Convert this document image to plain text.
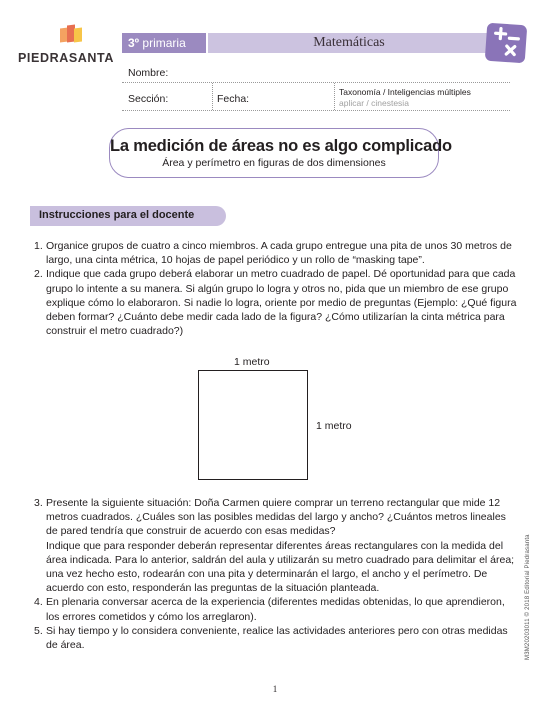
PIEDRASANTA
3º primaria	Matemáticas
Nombre:
Sección:	Fecha:
Taxonomía / Inteligencias múltiples
aplicar / cinestesia
La medición de áreas no es algo complicado
Área y perímetro en figuras de dos dimensiones
Instrucciones para el docente
1. Organice grupos de cuatro a cinco miembros. A cada grupo entregue una pita de unos 30 metros de largo, una cinta métrica, 10 hojas de papel periódico y un rollo de “masking tape”.
2. Indique que cada grupo deberá elaborar un metro cuadrado de papel. Dé oportunidad para que cada grupo lo intente a su manera. Si algún grupo lo logra y otros no, pida que un miembro de ese grupo explique cómo lo elaboraron. Si nadie lo logra, oriente por medio de preguntas (Ejemplo: ¿Qué figura deben formar? ¿Cuánto debe medir cada lado de la figura? ¿Cómo utilizarían la cinta métrica para construir el metro cuadrado?)
1 metro
1 metro
3. Presente la siguiente situación: Doña Carmen quiere comprar un terreno rectangular que mide 12 metros cuadrados. ¿Cuáles son las posibles medidas del largo y ancho? ¿Cuántos metros lineales de pared tendría que construir de acuerdo con esas medidas?
Indique que para responder deberán representar diferentes áreas rectangulares con la medida del área indicada. Para lo anterior, saldrán del aula y utilizarán su metro cuadrado para delimitar el área; una vez hecho esto, rodearán con una pita y determinarán el largo, el ancho y el perímetro. De acuerdo con esto, responderán las preguntas de la situación planteada.
4. En plenaria conversar acerca de la experiencia (diferentes medidas obtenidas, lo que aprendieron, los errores cometidos y cómo los arreglaron).
5. Si hay tiempo y lo considera conveniente, realice las actividades anteriores pero con otras medidas de área.	M3M20203011 © 2018 Editorial Piedrasanta
1
